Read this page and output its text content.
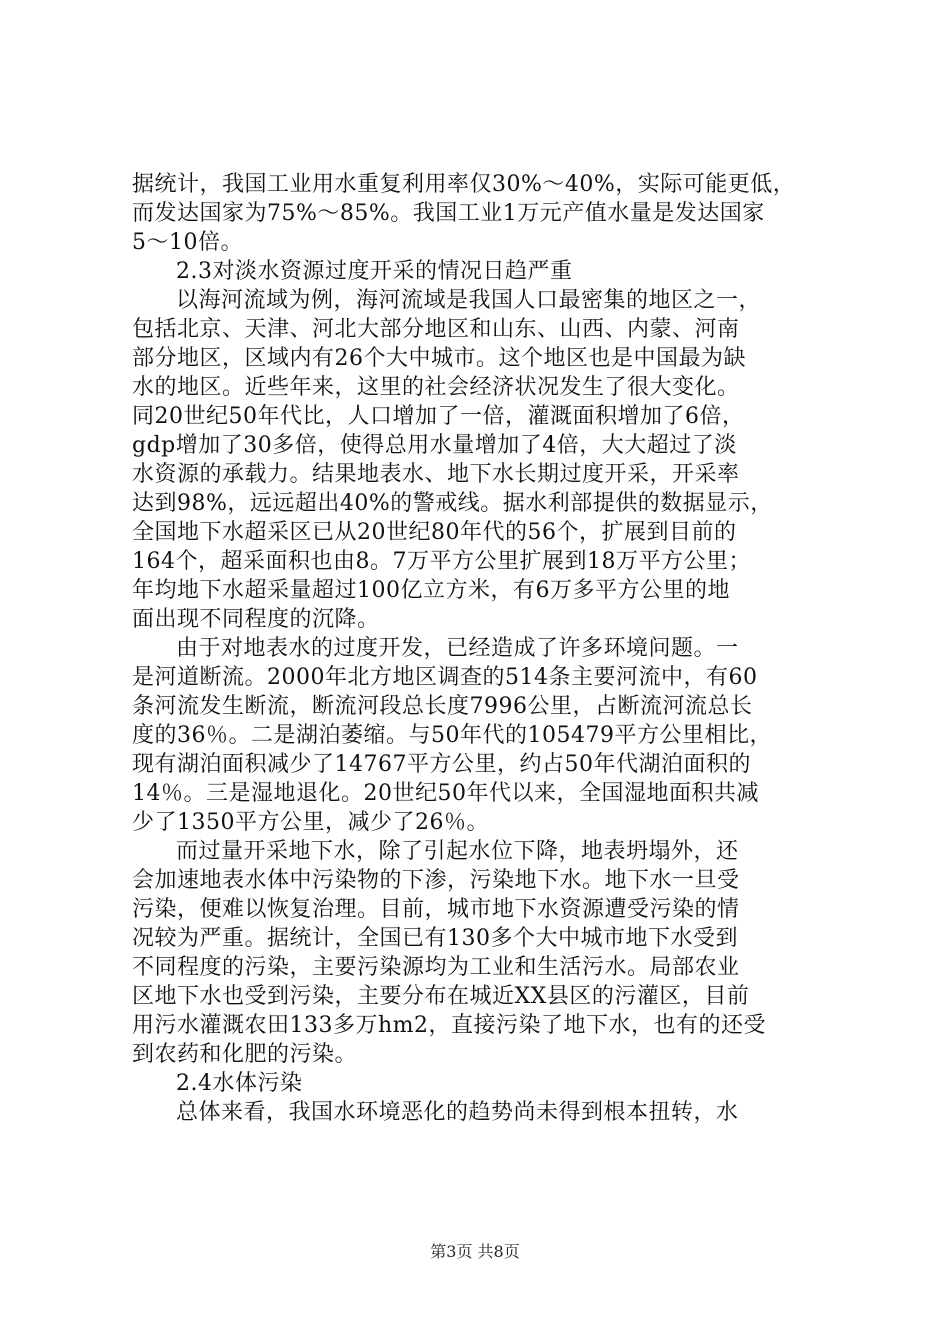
据统计，我国工业用水重复利用率仅30%～40%，实际可能更低，
而发达国家为75%～85%。我国工业1万元产值水量是发达国家
5～10倍。
2.3对淡水资源过度开采的情况日趋严重
以海河流域为例，海河流域是我国人口最密集的地区之一，
包括北京、天津、河北大部分地区和山东、山西、内蒙、河南
部分地区，区域内有26个大中城市。这个地区也是中国最为缺
水的地区。近些年来，这里的社会经济状况发生了很大变化。
同20世纪50年代比，人口增加了一倍，灌溉面积增加了6倍，
gdp增加了30多倍，使得总用水量增加了4倍，大大超过了淡
水资源的承载力。结果地表水、地下水长期过度开采，开采率
达到98%，远远超出40%的警戒线。据水利部提供的数据显示，
全国地下水超采区已从20世纪80年代的56个，扩展到目前的
164个，超采面积也由8。7万平方公里扩展到18万平方公里；
年均地下水超采量超过100亿立方米，有6万多平方公里的地
面出现不同程度的沉降。
由于对地表水的过度开发，已经造成了许多环境问题。一
是河道断流。2000年北方地区调查的514条主要河流中，有60
条河流发生断流，断流河段总长度7996公里，占断流河流总长
度的36％。二是湖泊萎缩。与50年代的105479平方公里相比，
现有湖泊面积减少了14767平方公里，约占50年代湖泊面积的
14％。三是湿地退化。20世纪50年代以来，全国湿地面积共减
少了1350平方公里，减少了26％。
而过量开采地下水，除了引起水位下降，地表坍塌外，还
会加速地表水体中污染物的下渗，污染地下水。地下水一旦受
污染，便难以恢复治理。目前，城市地下水资源遭受污染的情
况较为严重。据统计，全国已有130多个大中城市地下水受到
不同程度的污染，主要污染源均为工业和生活污水。局部农业
区地下水也受到污染，主要分布在城近XX县区的污灌区，目前
用污水灌溉农田133多万hm2，直接污染了地下水，也有的还受
到农药和化肥的污染。
2.4水体污染
总体来看，我国水环境恶化的趋势尚未得到根本扭转，水
第3页 共8页
